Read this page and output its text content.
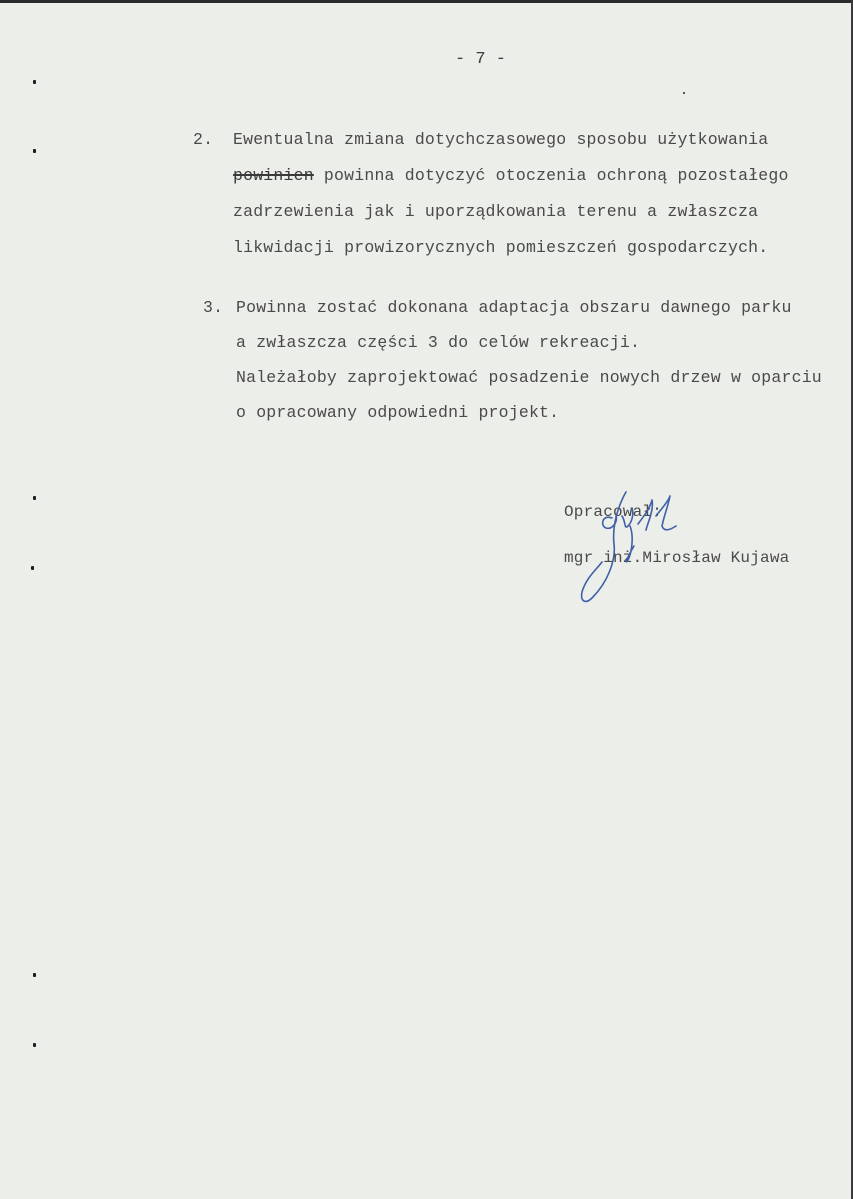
- 7 -
2. Ewentualna zmiana dotychczasowego sposobu użytkowania
powinien powinna dotyczyć otoczenia ochroną pozostałego
zadrzewienia jak i uporządkowania terenu a zwłaszcza
likwidacji prowizorycznych pomieszczeń gospodarczych.
3. Powinna zostać dokonana adaptacja obszaru dawnego parku
a zwłaszcza części 3 do celów rekreacji.
Należałoby zaprojektować posadzenie nowych drzew w oparciu
o opracowany odpowiedni projekt.
Opracował:
mgr inż.Mirosław Kujawa
